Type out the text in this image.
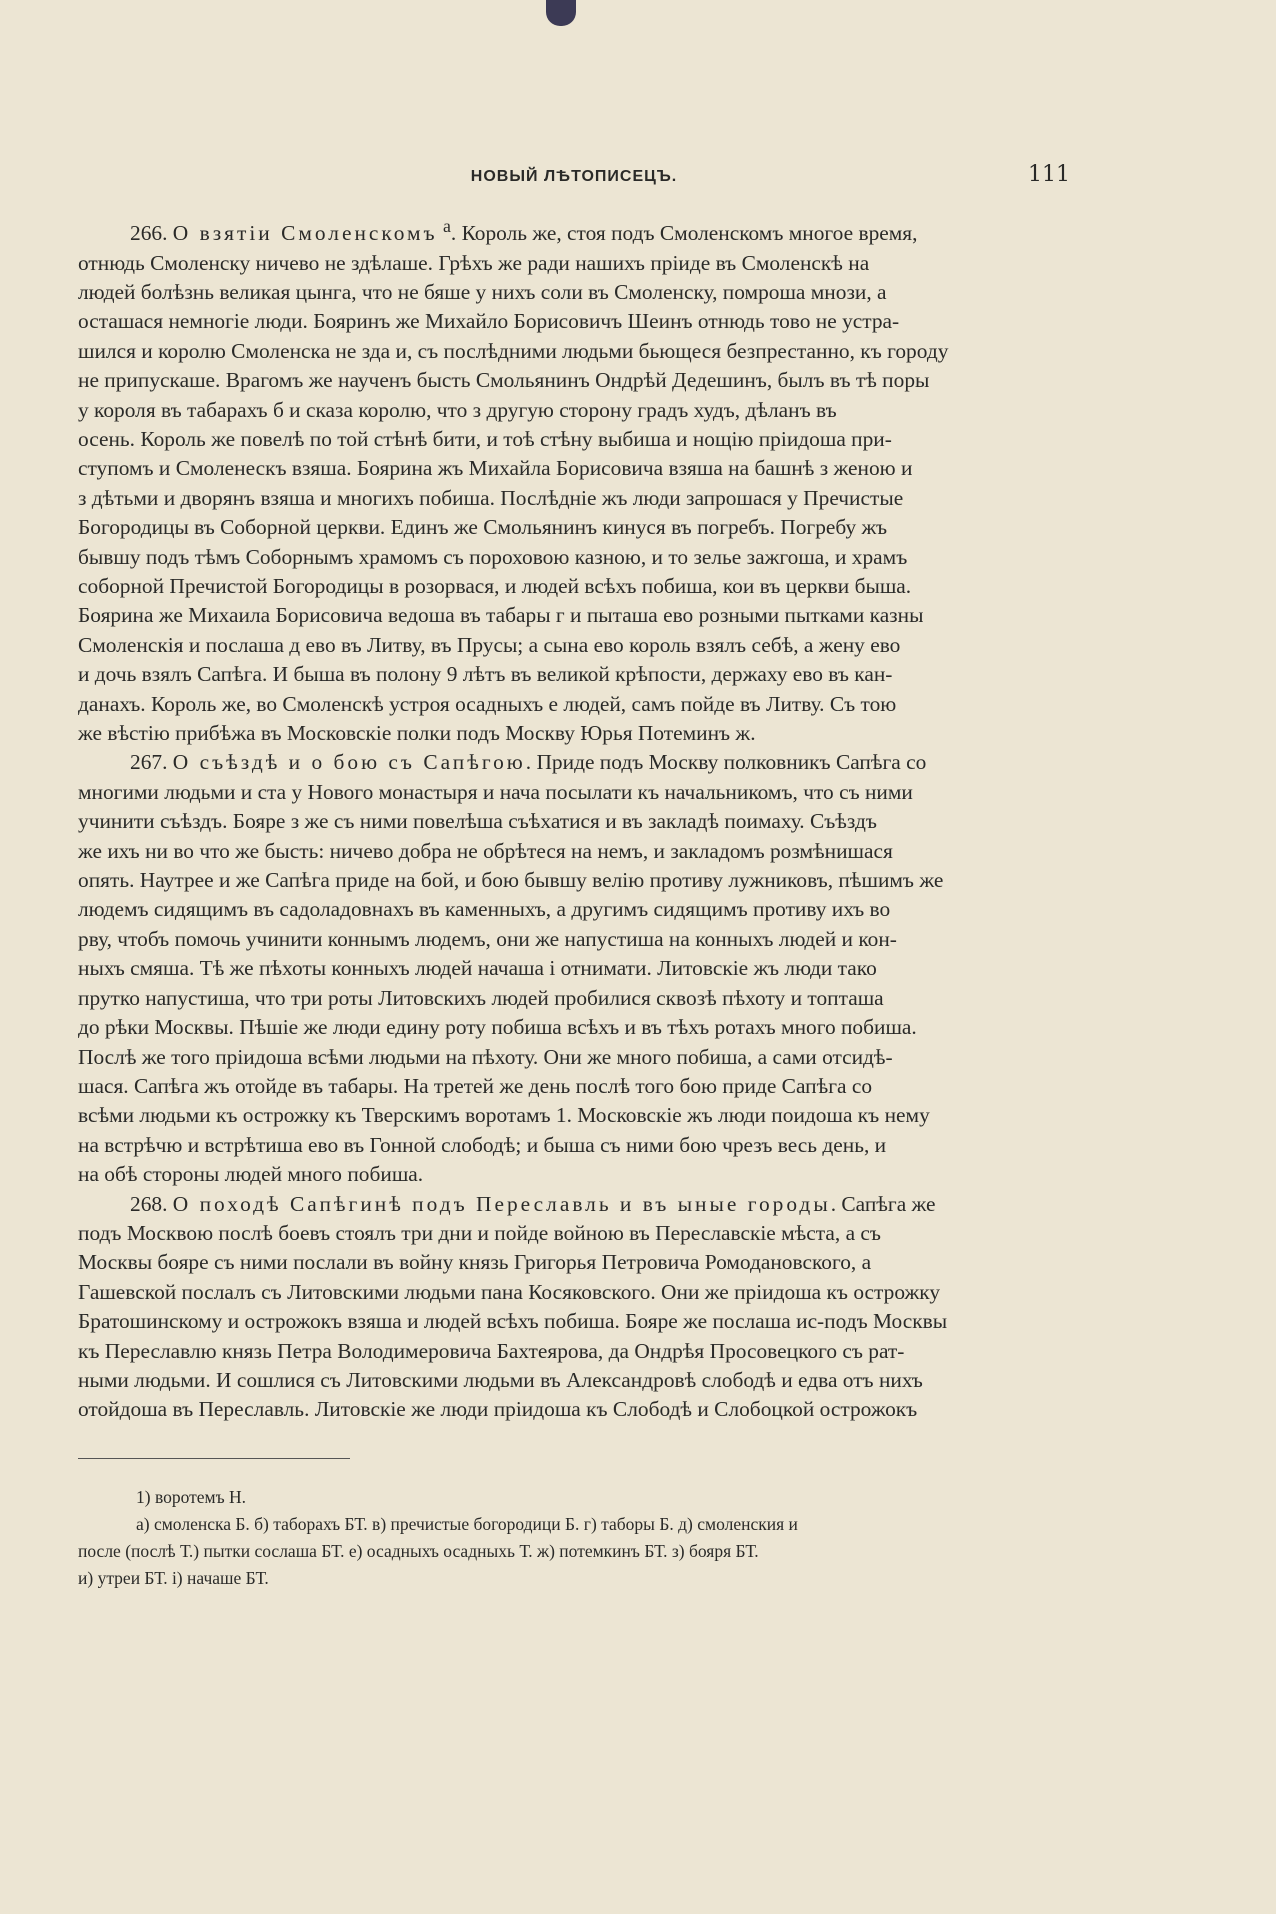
НОВЫЙ ЛѢТОПИСЕЦЪ.	111

266. О взятіи Смоленскомъ $^а$. Король же, стоя подъ Смоленскомъ многое время,
отнюдь Смоленску ничево не здѣлаше. Грѣхъ же ради нашихъ пріиде въ Смоленскѣ на
людей болѣзнь великая цынга, что не бяше у нихъ соли въ Смоленску, помроша мнози, а
осташася немногіе люди. Бояринъ же Михайло Борисовичъ Шеинъ отнюдь тово не устра-
шился и королю Смоленска не зда и, съ послѣдними людьми бьющеся безпрестанно, къ городу
не припускаше. Врагомъ же наученъ бысть Смольянинъ Ондрѣй Дедешинъ, былъ въ тѣ поры
у короля въ табарахъ б и сказа королю, что з другую сторону градъ худъ, дѣланъ въ
осень. Король же повелѣ по той стѣнѣ бити, и тоѣ стѣну выбиша и нощію пріидоша при-
ступомъ и Смоленескъ взяша. Боярина жъ Михайла Борисовича взяша на башнѣ з женою и
з дѣтьми и дворянъ взяша и многихъ побиша. Послѣдніе жъ люди запрошася у Пречистые
Богородицы въ Соборной церкви. Единъ же Смольянинъ кинуся въ погребъ. Погребу жъ
бывшу подъ тѣмъ Соборнымъ храмомъ съ пороховою казною, и то зелье зажгоша, и храмъ
соборной Пречистой Богородицы в розорвася, и людей всѣхъ побиша, кои въ церкви быша.
Боярина же Михаила Борисовича ведоша въ табары г и пыташа ево розными пытками казны
Смоленскія и послаша д ево въ Литву, въ Прусы; а сына ево король взялъ себѣ, а жену ево
и дочь взялъ Сапѣга. И быша въ полону 9 лѣтъ въ великой крѣпости, держаху ево въ кан-
данахъ. Король же, во Смоленскѣ устроя осадныхъ е людей, самъ пойде въ Литву. Съ тою
же вѣстію прибѣжа въ Московскіе полки подъ Москву Юрья Потеминъ ж.

267. О съѣздѣ и о бою съ Сапѣгою. Приде подъ Москву полковникъ Сапѣга со
многими людьми и ста у Нового монастыря и нача посылати къ начальникомъ, что съ ними
учинити съѣздъ. Бояре з же съ ними повелѣша съѣхатися и въ закладѣ поимаху. Съѣздъ
же ихъ ни во что же бысть: ничево добра не обрѣтеся на немъ, и закладомъ розмѣнишася
опять. Наутрее и же Сапѣга приде на бой, и бою бывшу велію противу лужниковъ, пѣшимъ же
людемъ сидящимъ въ садоладовнахъ въ каменныхъ, а другимъ сидящимъ противу ихъ во
рву, чтобъ помочь учинити коннымъ людемъ, они же напустиша на конныхъ людей и кон-
ныхъ смяша. Тѣ же пѣхоты конныхъ людей начаша і отнимати. Литовскіе жъ люди тако
прутко напустиша, что три роты Литовскихъ людей пробилися сквозѣ пѣхоту и топташа
до рѣки Москвы. Пѣшіе же люди едину роту побиша всѣхъ и въ тѣхъ ротахъ много побиша.
Послѣ же того пріидоша всѣми людьми на пѣхоту. Они же много побиша, а сами отсидѣ-
шася. Сапѣга жъ отойде въ табары. На третей же день послѣ того бою приде Сапѣга со
всѣми людьми къ острожку къ Тверскимъ воротамъ 1. Московскіе жъ люди поидоша къ нему
на встрѣчю и встрѣтиша ево въ Гонной слободѣ; и быша съ ними бою чрезъ весь день, и
на обѣ стороны людей много побиша.

268. О походѣ Сапѣгинѣ подъ Переславль и въ ыные городы. Сапѣга же
подъ Москвою послѣ боевъ стоялъ три дни и пойде войною въ Переславскіе мѣста, а съ
Москвы бояре съ ними послали въ войну князь Григорья Петровича Ромодановского, а
Гашевской послалъ съ Литовскими людьми пана Косяковского. Они же пріидоша къ острожку
Братошинскому и острожокъ взяша и людей всѣхъ побиша. Бояре же послаша ис-подъ Москвы
къ Переславлю князь Петра Володимеровича Бахтеярова, да Ондрѣя Просовецкого съ рат-
ными людьми. И сошлися съ Литовскими людьми въ Александровѣ слободѣ и едва отъ нихъ
отойдоша въ Переславль. Литовскіе же люди пріидоша къ Слободѣ и Слобоцкой острожокъ

1) воротемъ Н.

а) смоленска Б. б) таборахъ БТ. в) пречистые богородици Б. г) таборы Б. д) смоленския и
после (послѣ Т.) пытки сослаша БТ. е) осадныхъ осадныхь Т. ж) потемкинъ БТ. з) бояря БТ.
и) утреи БТ. і) начаше БТ.
